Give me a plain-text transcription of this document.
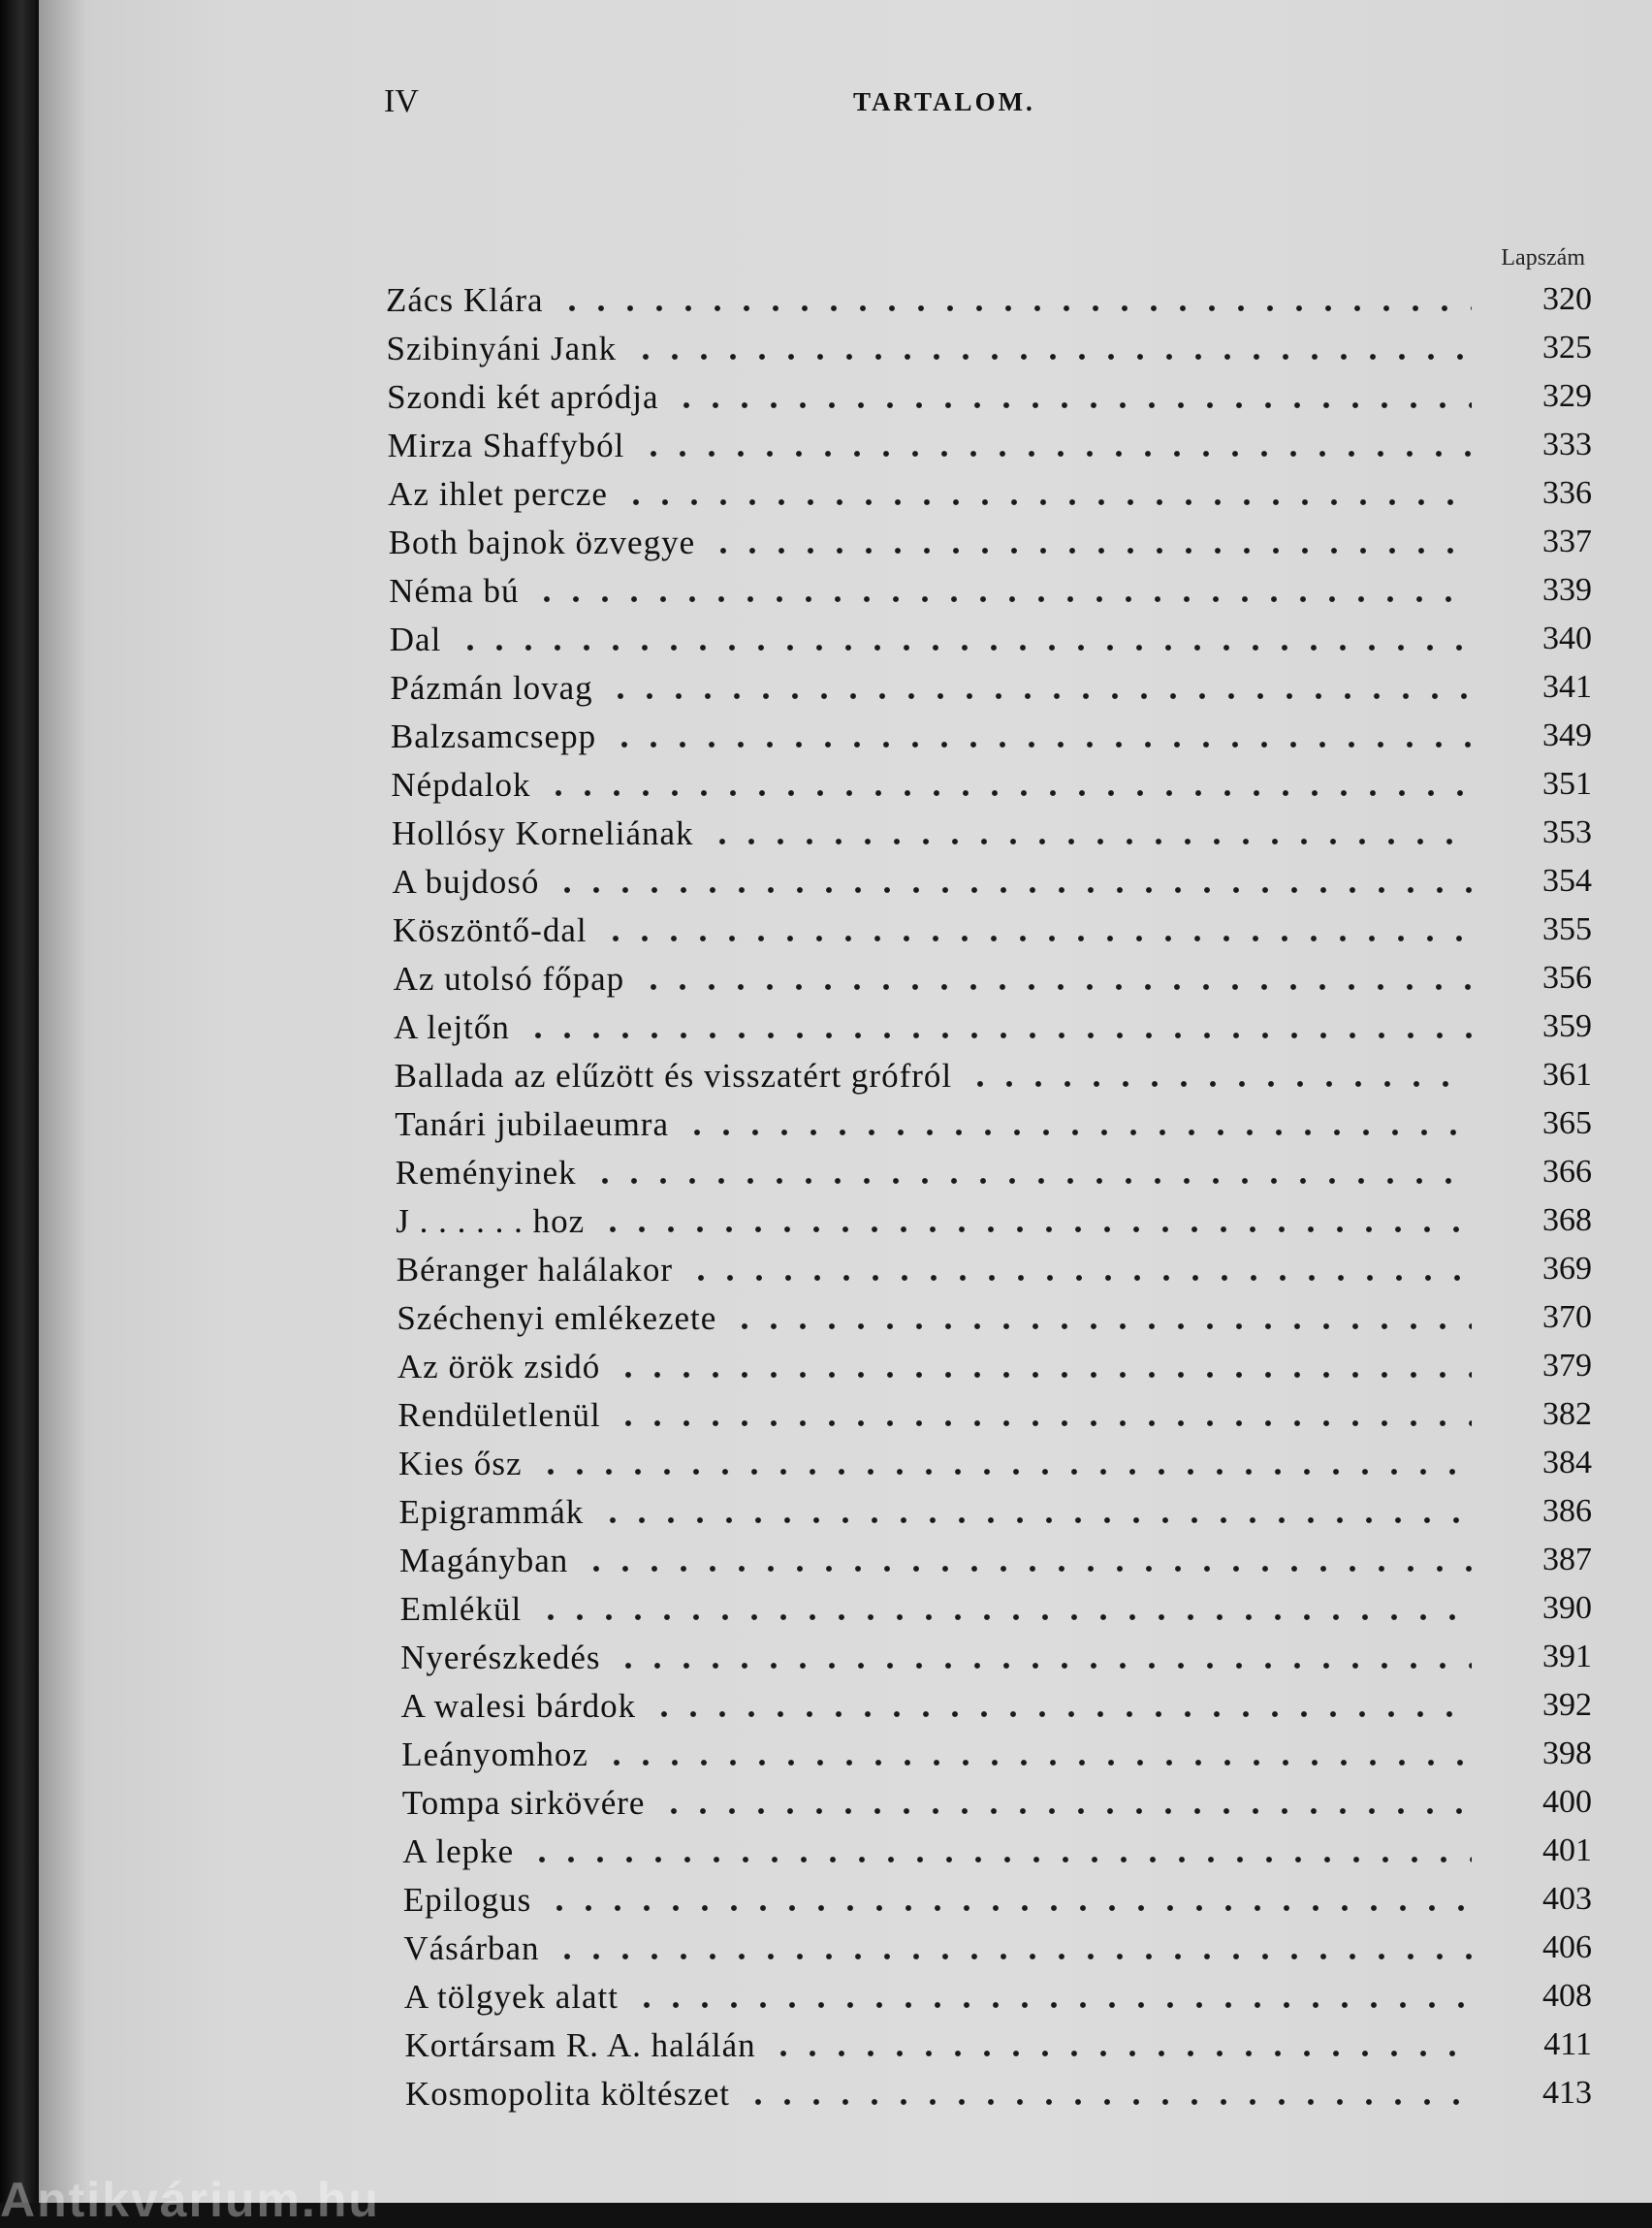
IV	TARTALOM.
Lapszám
Zács Klára	320
Szibinyáni Jank	325
Szondi két apródja	329
Mirza Shaffyból	333
Az ihlet percze	336
Both bajnok özvegye	337
Néma bú	339
Dal	340
Pázmán lovag	341
Balzsamcsepp	349
Népdalok	351
Hollósy Korneliának	353
A bujdosó	354
Köszöntő-dal	355
Az utolsó főpap	356
A lejtőn	359
Ballada az elűzött és visszatért grófról	361
Tanári jubilaeumra	365
Reményinek	366
J . . . . . . hoz	368
Béranger halálakor	369
Széchenyi emlékezete	370
Az örök zsidó	379
Rendületlenül	382
Kies ősz	384
Epigrammák	386
Magányban	387
Emlékül	390
Nyerészkedés	391
A walesi bárdok	392
Leányomhoz	398
Tompa sirkövére	400
A lepke	401
Epilogus	403
Vásárban	406
A tölgyek alatt	408
Kortársam R. A. halálán	411
Kosmopolita költészet	413
Antikvárium.hu
